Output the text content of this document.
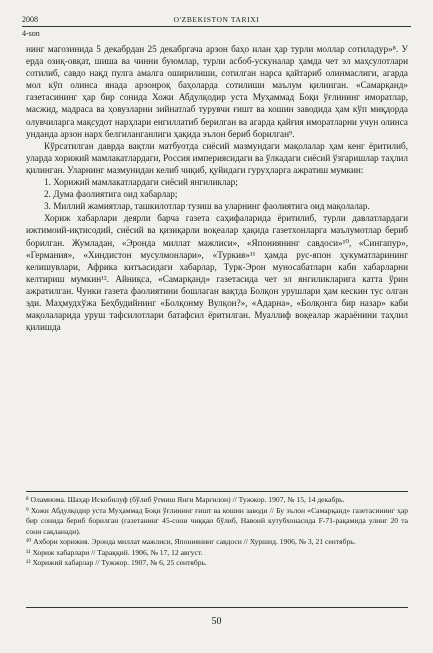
2008	O'ZBEKISTON TARIXI
4-son

нинг магозинида 5 декабрдан 25 декабргача арзон баҳо илан ҳар турли моллар сотиладур»⁸. У ерда озиқ-овқат, шиша ва чинни буюмлар, турли асбоб-ускуналар ҳамда чет эл маҳсулотлари сотилиб, савдо нақд пулга амалга оширилиши, сотилган нарса қайтариб олинмаслиги, агарда мол кўп олинса янада арзонроқ баҳоларда сотилиши маълум қилинган. «Самарқанд» газетасининг ҳар бир сонида Хожи Абдулқодир уста Муҳаммад Боқи ўғлининг иморатлар, масжид, мадраса ва ҳовузларни зийнатлаб турувчи ғишт ва кошин заводида ҳам кўп миқдорда олувчиларга мақсудот нарҳлари енгиллатиб берилган ва агарда қайғия иморатларни учун олинса унданда арзон нарх белгиланганлиги ҳақида эълон бериб борилган⁹.

Кўрсатилган даврда вақтли матбуотда сиёсий мазмундаги мақолалар ҳам кенг ёритилиб, уларда хорижий мамлакатлардаги, Россия империясидаги ва ўлкадаги сиёсий ўзгаришлар таҳлил қилинган. Уларнинг мазмунидан келиб чиқиб, қуйидаги гуруҳларга ажратиш мумкин:

1. Хорижий мамлакатлардаги сиёсий янгиликлар;

2. Дума фаолиятига оид хабарлар;

3. Миллий жамиятлар, ташкилотлар тузиш ва уларнинг фаолиятига оид мақолалар.

Хориж хабарлари деярли барча газета саҳифаларида ёритилиб, турли давлатлардаги ижтимоий-иқтисодий, сиёсий ва қизиқарли воқеалар ҳақида газетхонларга маълумотлар бериб борилган. Жумладан, «Эронда миллат мажлиси», «Япониянинг савдоси»¹⁰, «Сингапур», «Германия», «Хиндистон мусулмонлари», «Туркия»¹¹ ҳамда рус-япон ҳукуматларининг келишувлари, Африка китъасидаги хабарлар, Турк-Эрон муносабатлари каби хабарларни келтириш мумкин¹². Айниқса, «Самарқанд» газетасида чет эл янгиликларига катта ўрин ажратилган. Чунки газета фаолиятини бошлаган вақтда Болқон урушлари ҳам кескин тус олган эди. Маҳмудхўжа Беҳбудийнинг «Болқонму Вулқон?», «Адарна», «Болқонга бир назар» каби мақолаларида уруш тафсилотлари батафсил ёритилган. Муаллиф воқеалар жараёнини таҳлил қилишда

⁸ Оламнома. Шаҳар Искобилуф (бўлиб ўтмиш Янги Марғилон) // Тужжор. 1907, № 15, 14 декабрь.

⁹ Хожи Абдулқодир уста Муҳаммад Боқи ўғлининг ғишт ва кошин заводи // Бу эълон «Самарқанд» газетасининг ҳар бир сонида бериб борилган (газетанинг 45-сони чиққан бўлиб, Навоий кутубхонасида F-71-рақамида улинг 20 та сони сақланади).

¹⁰ Ахбори хорижия. Эронда миллат мажлиси, Япониянинг савдоси // Хуршид. 1906, № 3, 21 сентябрь.

¹¹ Хориж хабарлари // Тараққий. 1906, № 17, 12 август.

¹² Хорижий хабарлар // Тужжор. 1907, № 6, 25 сентябрь.

50
